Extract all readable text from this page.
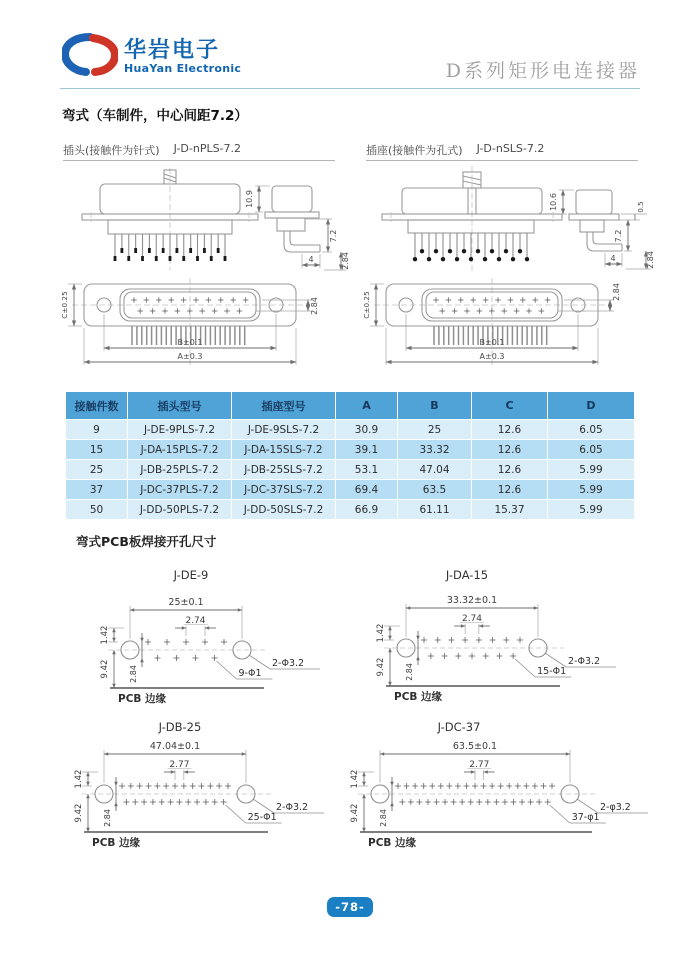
华岩电子
HuaYan Electronic	D系列矩形电连接器
弯式（车制件，中心间距7.2）
插头(接触件为针式) J-D-nPLS-7.2	插座(接触件为孔式) J-D-nSLS-7.2
10.9
7.2
4	2.84
C±0.25	2.84
B±0.1
A±0.3
10.6	0.5
7.2
4	2.84
C±0.25	2.84
B±0.1
A±0.3
接触件数	插头型号	插座型号	A	B	C	D
9	J-DE-9PLS-7.2	J-DE-9SLS-7.2	30.9	25	12.6	6.05
15	J-DA-15PLS-7.2	J-DA-15SLS-7.2	39.1	33.32	12.6	6.05
25	J-DB-25PLS-7.2	J-DB-25SLS-7.2	53.1	47.04	12.6	5.99
37	J-DC-37PLS-7.2	J-DC-37SLS-7.2	69.4	63.5	12.6	5.99
50	J-DD-50PLS-7.2	J-DD-50SLS-7.2	66.9	61.11	15.37	5.99
弯式PCB板焊接开孔尺寸
J-DE-9	J-DA-15
J-DB-25	J-DC-37
25±0.1
2.74
1.42
9.42 2.84
PCB 边缘
2-Φ3.2
9-Φ1
33.32±0.1
2.74
1.42
9.42 2.84
PCB 边缘
2-Φ3.2
15-Φ1
47.04±0.1
2.77
1.42
9.42 2.84
PCB 边缘
2-Φ3.2
25-Φ1
63.5±0.1
2.77
1.42
9.42 2.84
PCB 边缘
2-φ3.2
37-φ1
-78-
